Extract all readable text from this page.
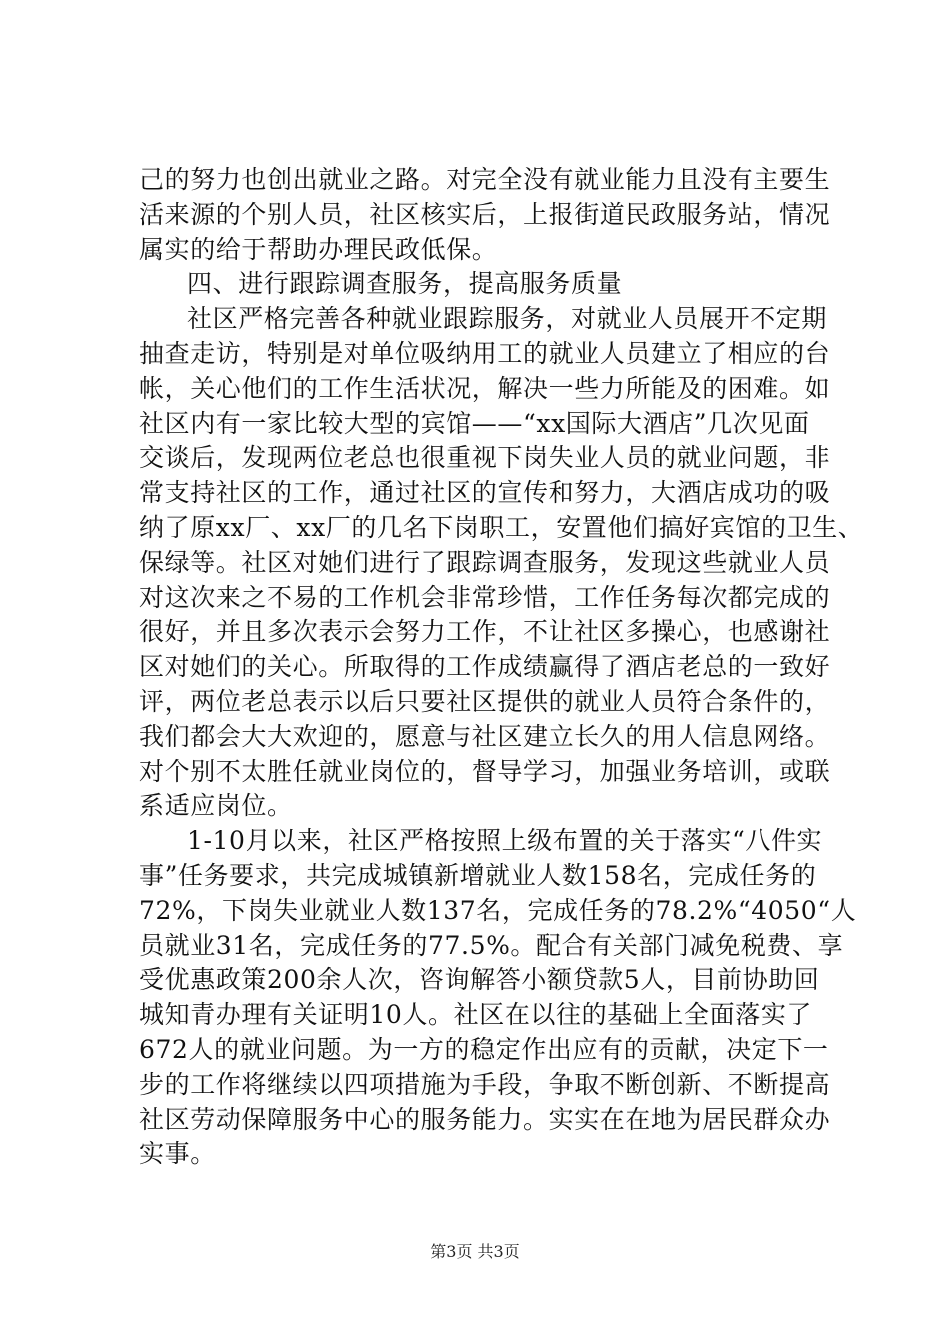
己的努力也创出就业之路。对完全没有就业能力且没有主要生
活来源的个别人员，社区核实后，上报街道民政服务站，情况
属实的给于帮助办理民政低保。
四、进行跟踪调查服务，提高服务质量
社区严格完善各种就业跟踪服务，对就业人员展开不定期
抽查走访，特别是对单位吸纳用工的就业人员建立了相应的台
帐，关心他们的工作生活状况，解决一些力所能及的困难。如
社区内有一家比较大型的宾馆——“xx国际大酒店”几次见面
交谈后，发现两位老总也很重视下岗失业人员的就业问题，非
常支持社区的工作，通过社区的宣传和努力，大酒店成功的吸
纳了原xx厂、xx厂的几名下岗职工，安置他们搞好宾馆的卫生、
保绿等。社区对她们进行了跟踪调查服务，发现这些就业人员
对这次来之不易的工作机会非常珍惜，工作任务每次都完成的
很好，并且多次表示会努力工作，不让社区多操心，也感谢社
区对她们的关心。所取得的工作成绩赢得了酒店老总的一致好
评，两位老总表示以后只要社区提供的就业人员符合条件的，
我们都会大大欢迎的，愿意与社区建立长久的用人信息网络。
对个别不太胜任就业岗位的，督导学习，加强业务培训，或联
系适应岗位。
1-10月以来，社区严格按照上级布置的关于落实“八件实
事”任务要求，共完成城镇新增就业人数158名，完成任务的
72%，下岗失业就业人数137名，完成任务的78.2%“4050“人
员就业31名，完成任务的77.5%。配合有关部门减免税费、享
受优惠政策200余人次，咨询解答小额贷款5人，目前协助回
城知青办理有关证明10人。社区在以往的基础上全面落实了
672人的就业问题。为一方的稳定作出应有的贡献，决定下一
步的工作将继续以四项措施为手段，争取不断创新、不断提高
社区劳动保障服务中心的服务能力。实实在在地为居民群众办
实事。
第3页 共3页
